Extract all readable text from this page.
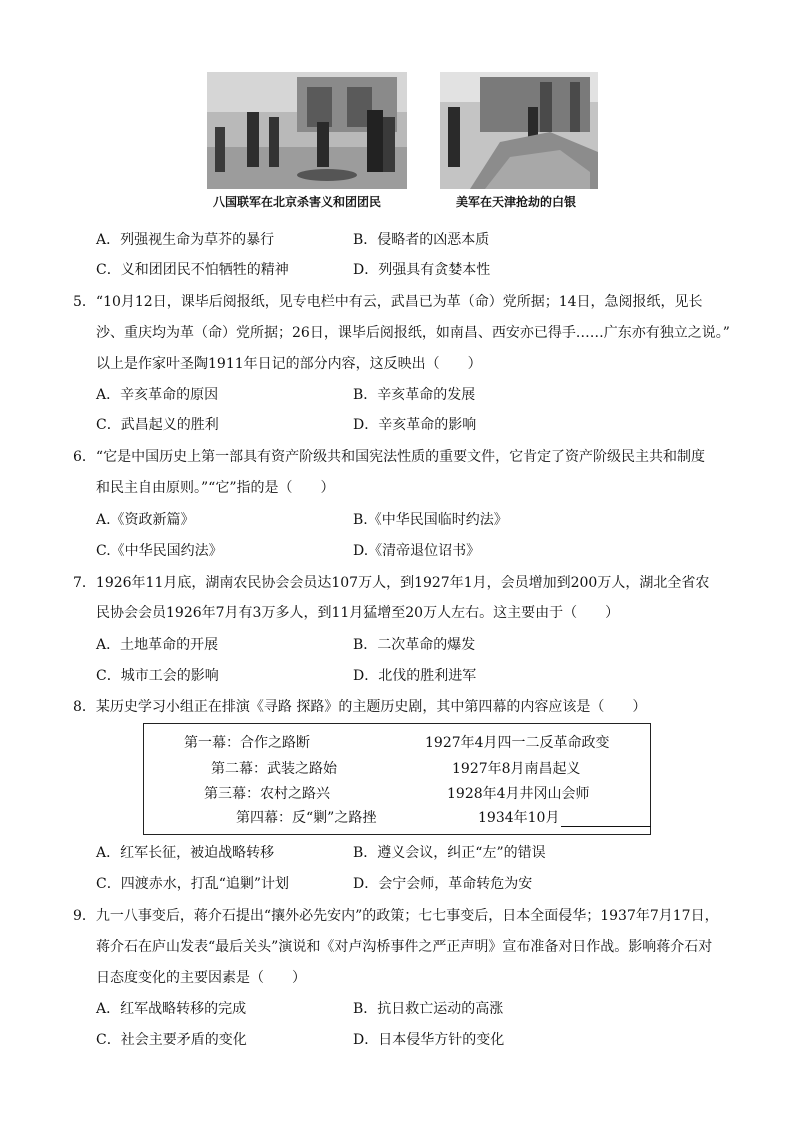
八国联军在北京杀害义和团团民	美军在天津抢劫的白银
A．列强视生命为草芥的暴行	B．侵略者的凶恶本质
C．义和团团民不怕牺牲的精神	D．列强具有贪婪本性
5．“10月12日，课毕后阅报纸，见专电栏中有云，武昌已为革（命）党所据；14日，急阅报纸，见长
沙、重庆均为革（命）党所据；26日，课毕后阅报纸，如南昌、西安亦已得手……广东亦有独立之说。”
以上是作家叶圣陶1911年日记的部分内容，这反映出（　　）
A．辛亥革命的原因	B．辛亥革命的发展
C．武昌起义的胜利	D．辛亥革命的影响
6．“它是中国历史上第一部具有资产阶级共和国宪法性质的重要文件，它肯定了资产阶级民主共和制度
和民主自由原则。”“它”指的是（　　）
A.《资政新篇》	B.《中华民国临时约法》
C.《中华民国约法》	D.《清帝退位诏书》
7．1926年11月底，湖南农民协会会员达107万人，到1927年1月，会员增加到200万人，湖北全省农
民协会会员1926年7月有3万多人，到11月猛增至20万人左右。这主要由于（　　）
A．土地革命的开展	B．二次革命的爆发
C．城市工会的影响	D．北伐的胜利进军
8．某历史学习小组正在排演《寻路 探路》的主题历史剧，其中第四幕的内容应该是（　　）
第一幕：合作之路断	1927年4月四一二反革命政变
第二幕：武装之路始	1927年8月南昌起义
第三幕：农村之路兴	1928年4月井冈山会师
第四幕：反“剿”之路挫	1934年10月
A．红军长征，被迫战略转移	B．遵义会议，纠正“左”的错误
C．四渡赤水，打乱“追剿”计划	D．会宁会师，革命转危为安
9．九一八事变后，蒋介石提出“攘外必先安内”的政策；七七事变后，日本全面侵华；1937年7月17日，
蒋介石在庐山发表“最后关头”演说和《对卢沟桥事件之严正声明》宣布准备对日作战。影响蒋介石对
日态度变化的主要因素是（　　）
A．红军战略转移的完成	B．抗日救亡运动的高涨
C．社会主要矛盾的变化	D．日本侵华方针的变化
